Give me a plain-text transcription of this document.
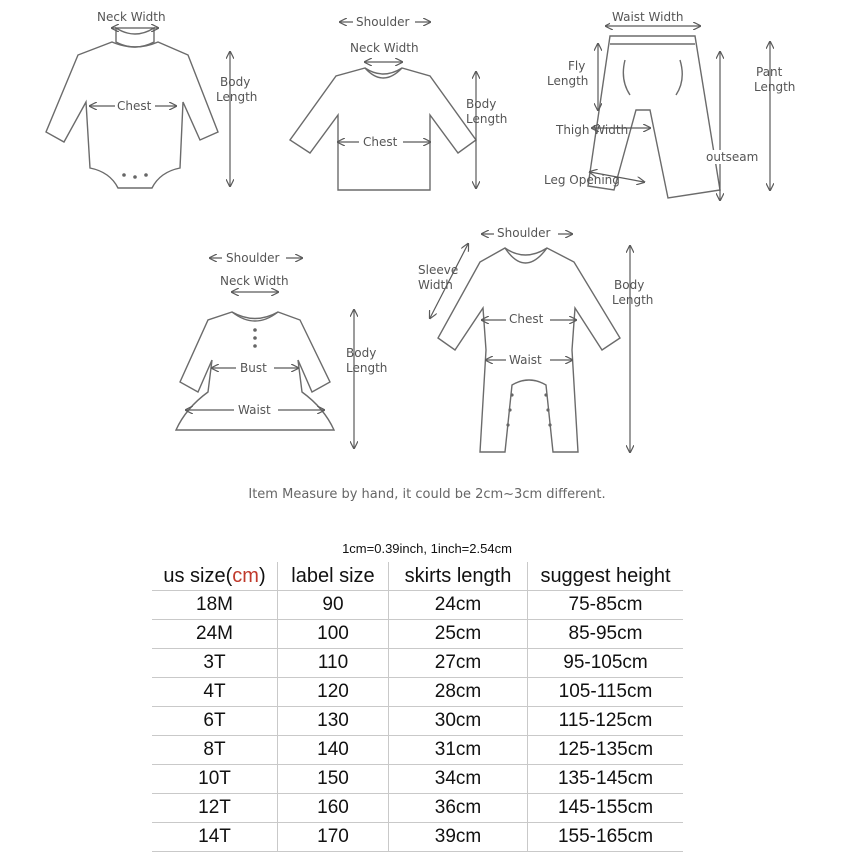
Neck Width
Chest
Body
Length
Shoulder
Neck Width
Chest
Body
Length
Waist Width
Fly
Length
Thigh Width
Leg Opening
Pant
Length
outseam
Shoulder
Neck Width
Bust
Waist
Body
Length
Shoulder
Sleeve
Width
Chest
Waist
Body
Length
Item Measure by hand, it could be 2cm~3cm different.
1cm=0.39inch, 1inch=2.54cm
us size(cm)	label size	skirts length	suggest height
18M	90	24cm	75-85cm
24M	100	25cm	85-95cm
3T	110	27cm	95-105cm
4T	120	28cm	105-115cm
6T	130	30cm	115-125cm
8T	140	31cm	125-135cm
10T	150	34cm	135-145cm
12T	160	36cm	145-155cm
14T	170	39cm	155-165cm
